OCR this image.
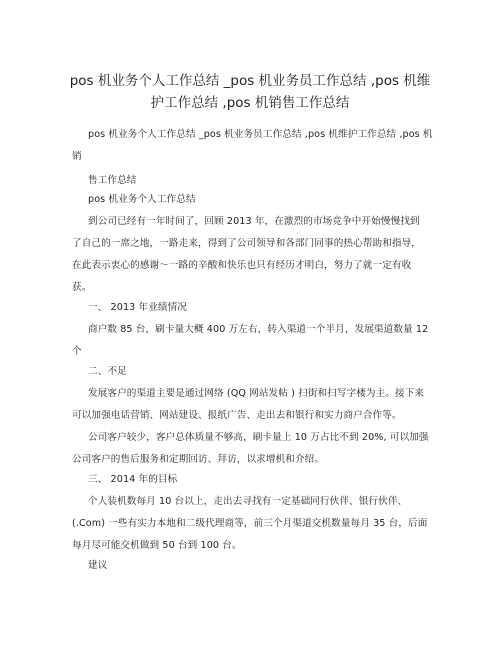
pos 机业务个人工作总结 _pos 机业务员工作总结 ,pos 机维
护工作总结 ,pos 机销售工作总结
pos 机业务个人工作总结 _pos 机业务员工作总结 ,pos 机维护工作总结 ,pos 机
销
售工作总结
pos 机业务个人工作总结
到公司已经有一年时间了，回顾 2013 年，在激烈的市场竞争中开始慢慢找到
了自己的一席之地，一路走来，得到了公司领导和各部门同事的热心帮助和指导，
在此表示衷心的感谢～一路的辛酸和快乐也只有经历才明白，努力了就一定有收
获。
一、 2013 年业绩情况
商户数 85 台，刷卡量大概 400 万左右，转入渠道一个半月，发展渠道数量 12
个
二、不足
发展客户的渠道主要是通过网络 (QQ 网站发帖 ) 扫街和扫写字楼为主。接下来
可以加强电话营销、网站建设、报纸广告、走出去和银行和实力商户合作等。
公司客户较少，客户总体质量不够高，刷卡量上 10 万占比不到 20%, 可以加强
公司客户的售后服务和定期回访、拜访，以求增机和介绍。
三、 2014 年的目标
个人装机数每月 10 台以上，走出去寻找有一定基础同行伙伴、银行伙伴、
(.Com) 一些有实力本地和二级代理商等，前三个月渠道交机数量每月 35 台，后面
每月尽可能交机做到 50 台到 100 台。
建议
